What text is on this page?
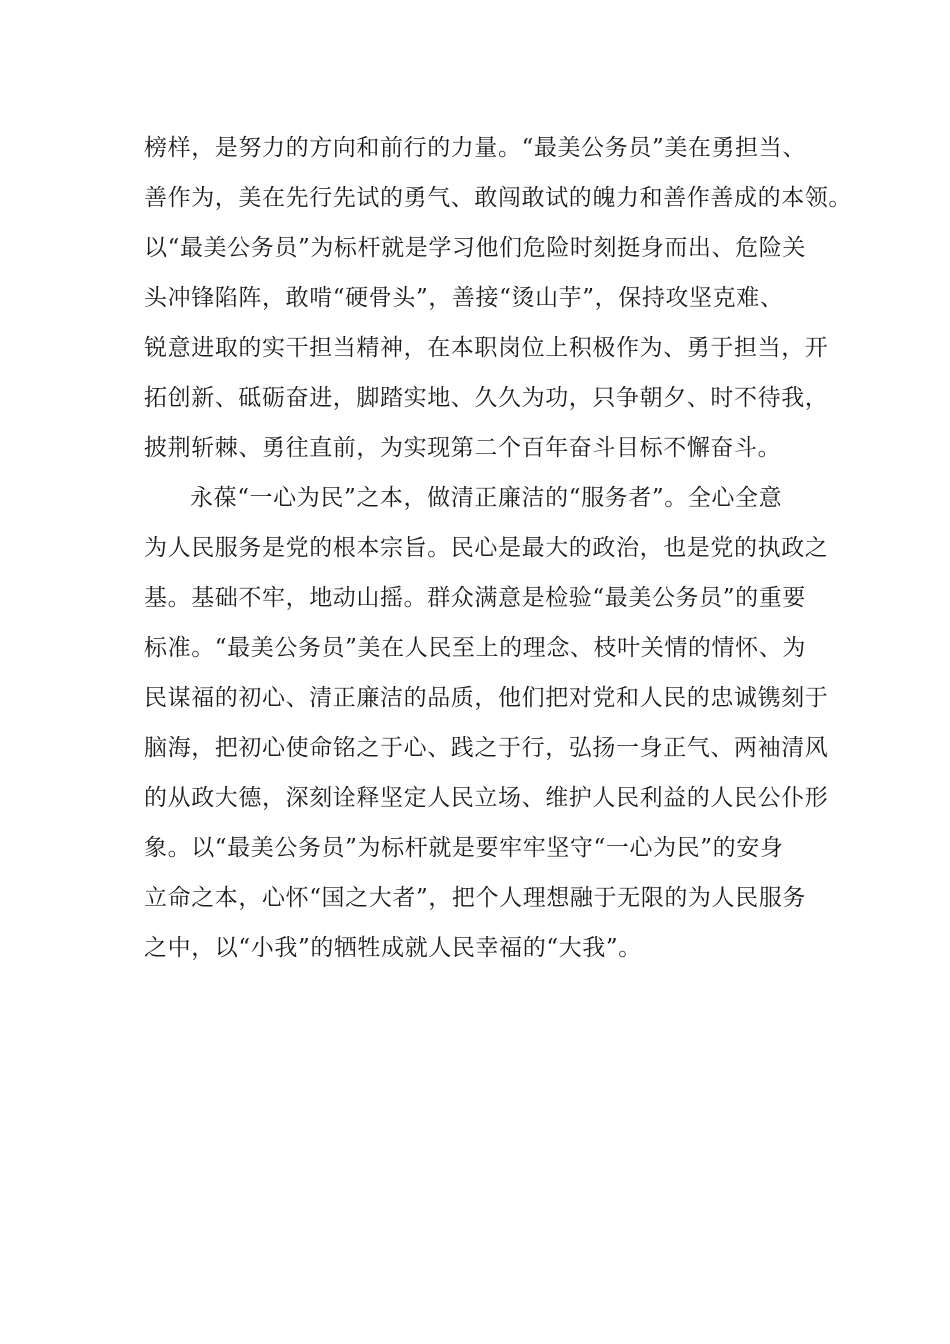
榜样，是努力的方向和前行的力量。“最美公务员”美在勇担当、
善作为，美在先行先试的勇气、敢闯敢试的魄力和善作善成的本领。
以“最美公务员”为标杆就是学习他们危险时刻挺身而出、危险关
头冲锋陷阵，敢啃“硬骨头”，善接“烫山芋”，保持攻坚克难、
锐意进取的实干担当精神，在本职岗位上积极作为、勇于担当，开
拓创新、砥砺奋进，脚踏实地、久久为功，只争朝夕、时不待我，
披荆斩棘、勇往直前，为实现第二个百年奋斗目标不懈奋斗。
永葆“一心为民”之本，做清正廉洁的“服务者”。全心全意
为人民服务是党的根本宗旨。民心是最大的政治，也是党的执政之
基。基础不牢，地动山摇。群众满意是检验“最美公务员”的重要
标准。“最美公务员”美在人民至上的理念、枝叶关情的情怀、为
民谋福的初心、清正廉洁的品质，他们把对党和人民的忠诚镌刻于
脑海，把初心使命铭之于心、践之于行，弘扬一身正气、两袖清风
的从政大德，深刻诠释坚定人民立场、维护人民利益的人民公仆形
象。以“最美公务员”为标杆就是要牢牢坚守“一心为民”的安身
立命之本，心怀“国之大者”，把个人理想融于无限的为人民服务
之中，以“小我”的牺牲成就人民幸福的“大我”。
